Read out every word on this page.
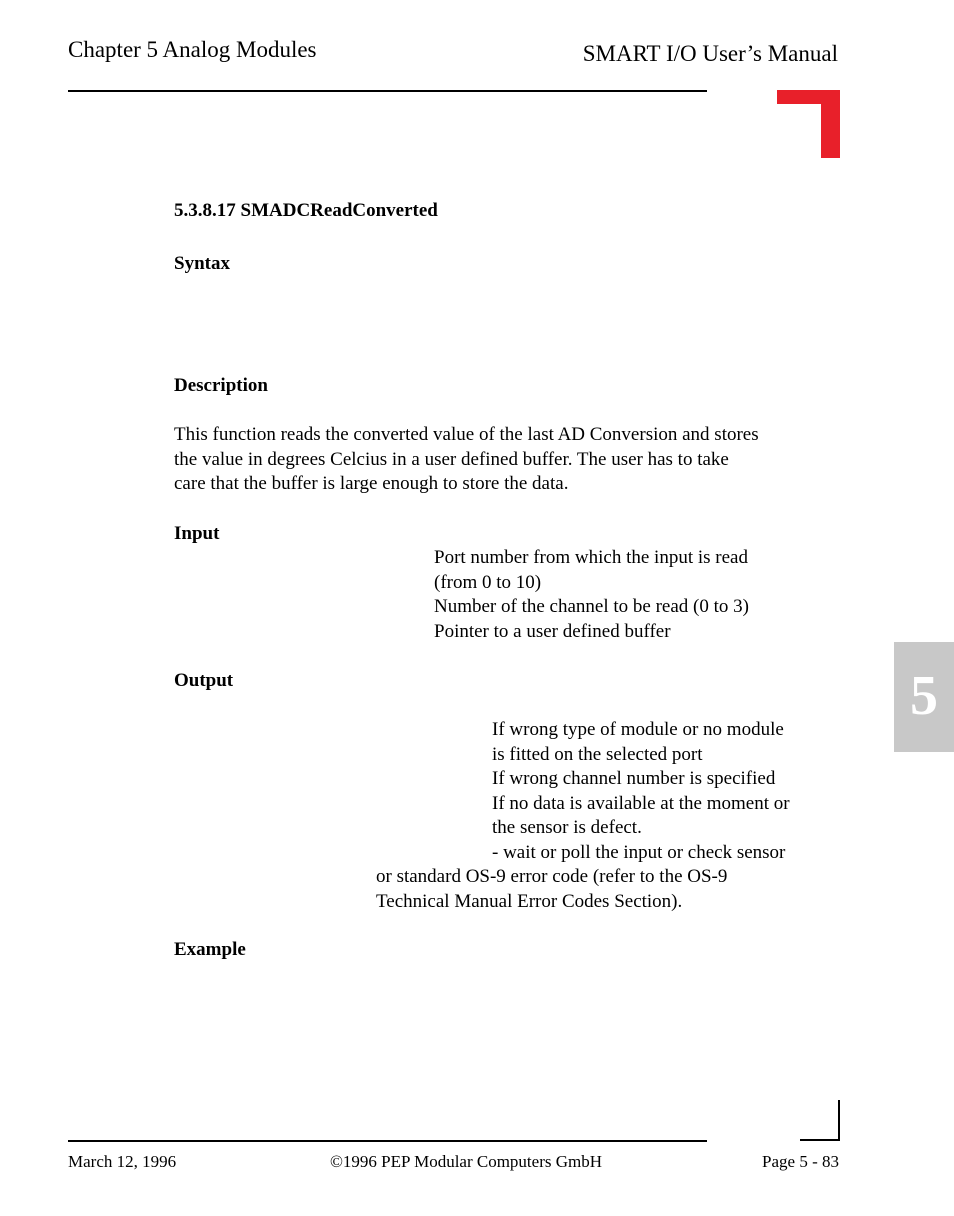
Chapter 5 Analog Modules	SMART I/O User’s Manual
5.3.8.17 SMADCReadConverted
Syntax
Description
This function reads the converted value of the last AD Conversion and stores
the value in degrees Celcius in a user defined buffer. The user has to take
care that the buffer is large enough to store the data.
Input
Port number from which the input is read
(from 0 to 10)
Number of the channel to be read (0 to 3)
Pointer to a user defined buffer
Output
If wrong type of module or no module
is fitted on the selected port
If wrong channel number is specified
If no data is available at the moment or
the sensor is defect.
- wait or poll the input or check sensor
or standard OS-9 error code (refer to the OS-9
Technical Manual Error Codes Section).
Example
5
March 12, 1996	©1996 PEP Modular Computers GmbH	Page 5 - 83
